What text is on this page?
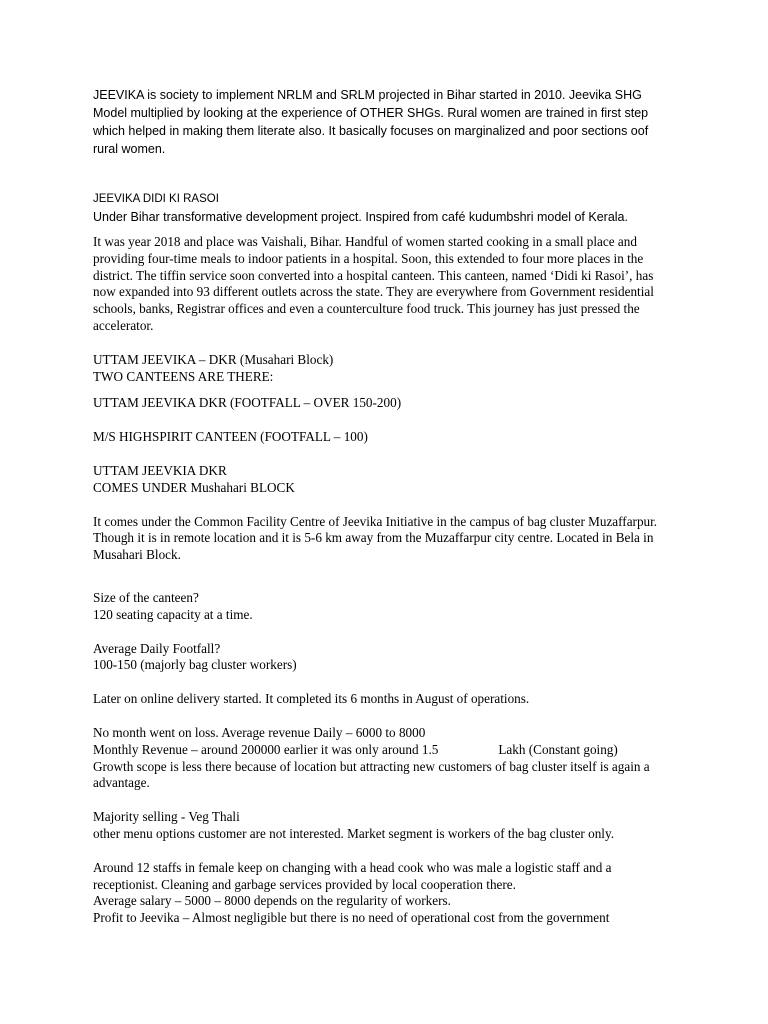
JEEVIKA is society to implement NRLM and SRLM projected in Bihar started in 2010. Jeevika SHG Model multiplied by looking at the experience of OTHER SHGs. Rural women are trained in first step which helped in making them literate also. It basically focuses on marginalized and poor sections oof rural women.

JEEVIKA DIDI KI RASOI

Under Bihar transformative development project. Inspired from café kudumbshri model of Kerala.

It was year 2018 and place was Vaishali, Bihar. Handful of women started cooking in a small place and providing four-time meals to indoor patients in a hospital. Soon, this extended to four more places in the district. The tiffin service soon converted into a hospital canteen. This canteen, named ‘Didi ki Rasoi’, has now expanded into 93 different outlets across the state. They are everywhere from Government residential schools, banks, Registrar offices and even a counterculture food truck. This journey has just pressed the accelerator.

UTTAM JEEVIKA – DKR (Musahari Block)

TWO CANTEENS ARE THERE:

UTTAM JEEVIKA DKR (FOOTFALL – OVER 150-200)

M/S HIGHSPIRIT CANTEEN (FOOTFALL – 100)

UTTAM JEEVKIA DKR

COMES UNDER Mushahari BLOCK

It comes under the Common Facility Centre of Jeevika Initiative in the campus of bag cluster Muzaffarpur. Though it is in remote location and it is 5-6 km away from the Muzaffarpur city centre. Located in Bela in Musahari Block.

Size of the canteen?

120 seating capacity at a time.

Average Daily Footfall?

100-150 (majorly bag cluster workers)

Later on online delivery started. It completed its 6 months in August of operations.

No month went on loss. Average revenue Daily – 6000 to 8000

Monthly Revenue – around 200000 earlier it was only around 1.5	Lakh (Constant going)

Growth scope is less there because of location but attracting new customers of bag cluster itself is again a advantage.

Majority selling - Veg Thali

other menu options customer are not interested. Market segment is workers of the bag cluster only.

Around 12 staffs in female keep on changing with a head cook who was male a logistic staff and a receptionist. Cleaning and garbage services provided by local cooperation there.

Average salary – 5000 – 8000 depends on the regularity of workers.

Profit to Jeevika – Almost negligible but there is no need of operational cost from the government
